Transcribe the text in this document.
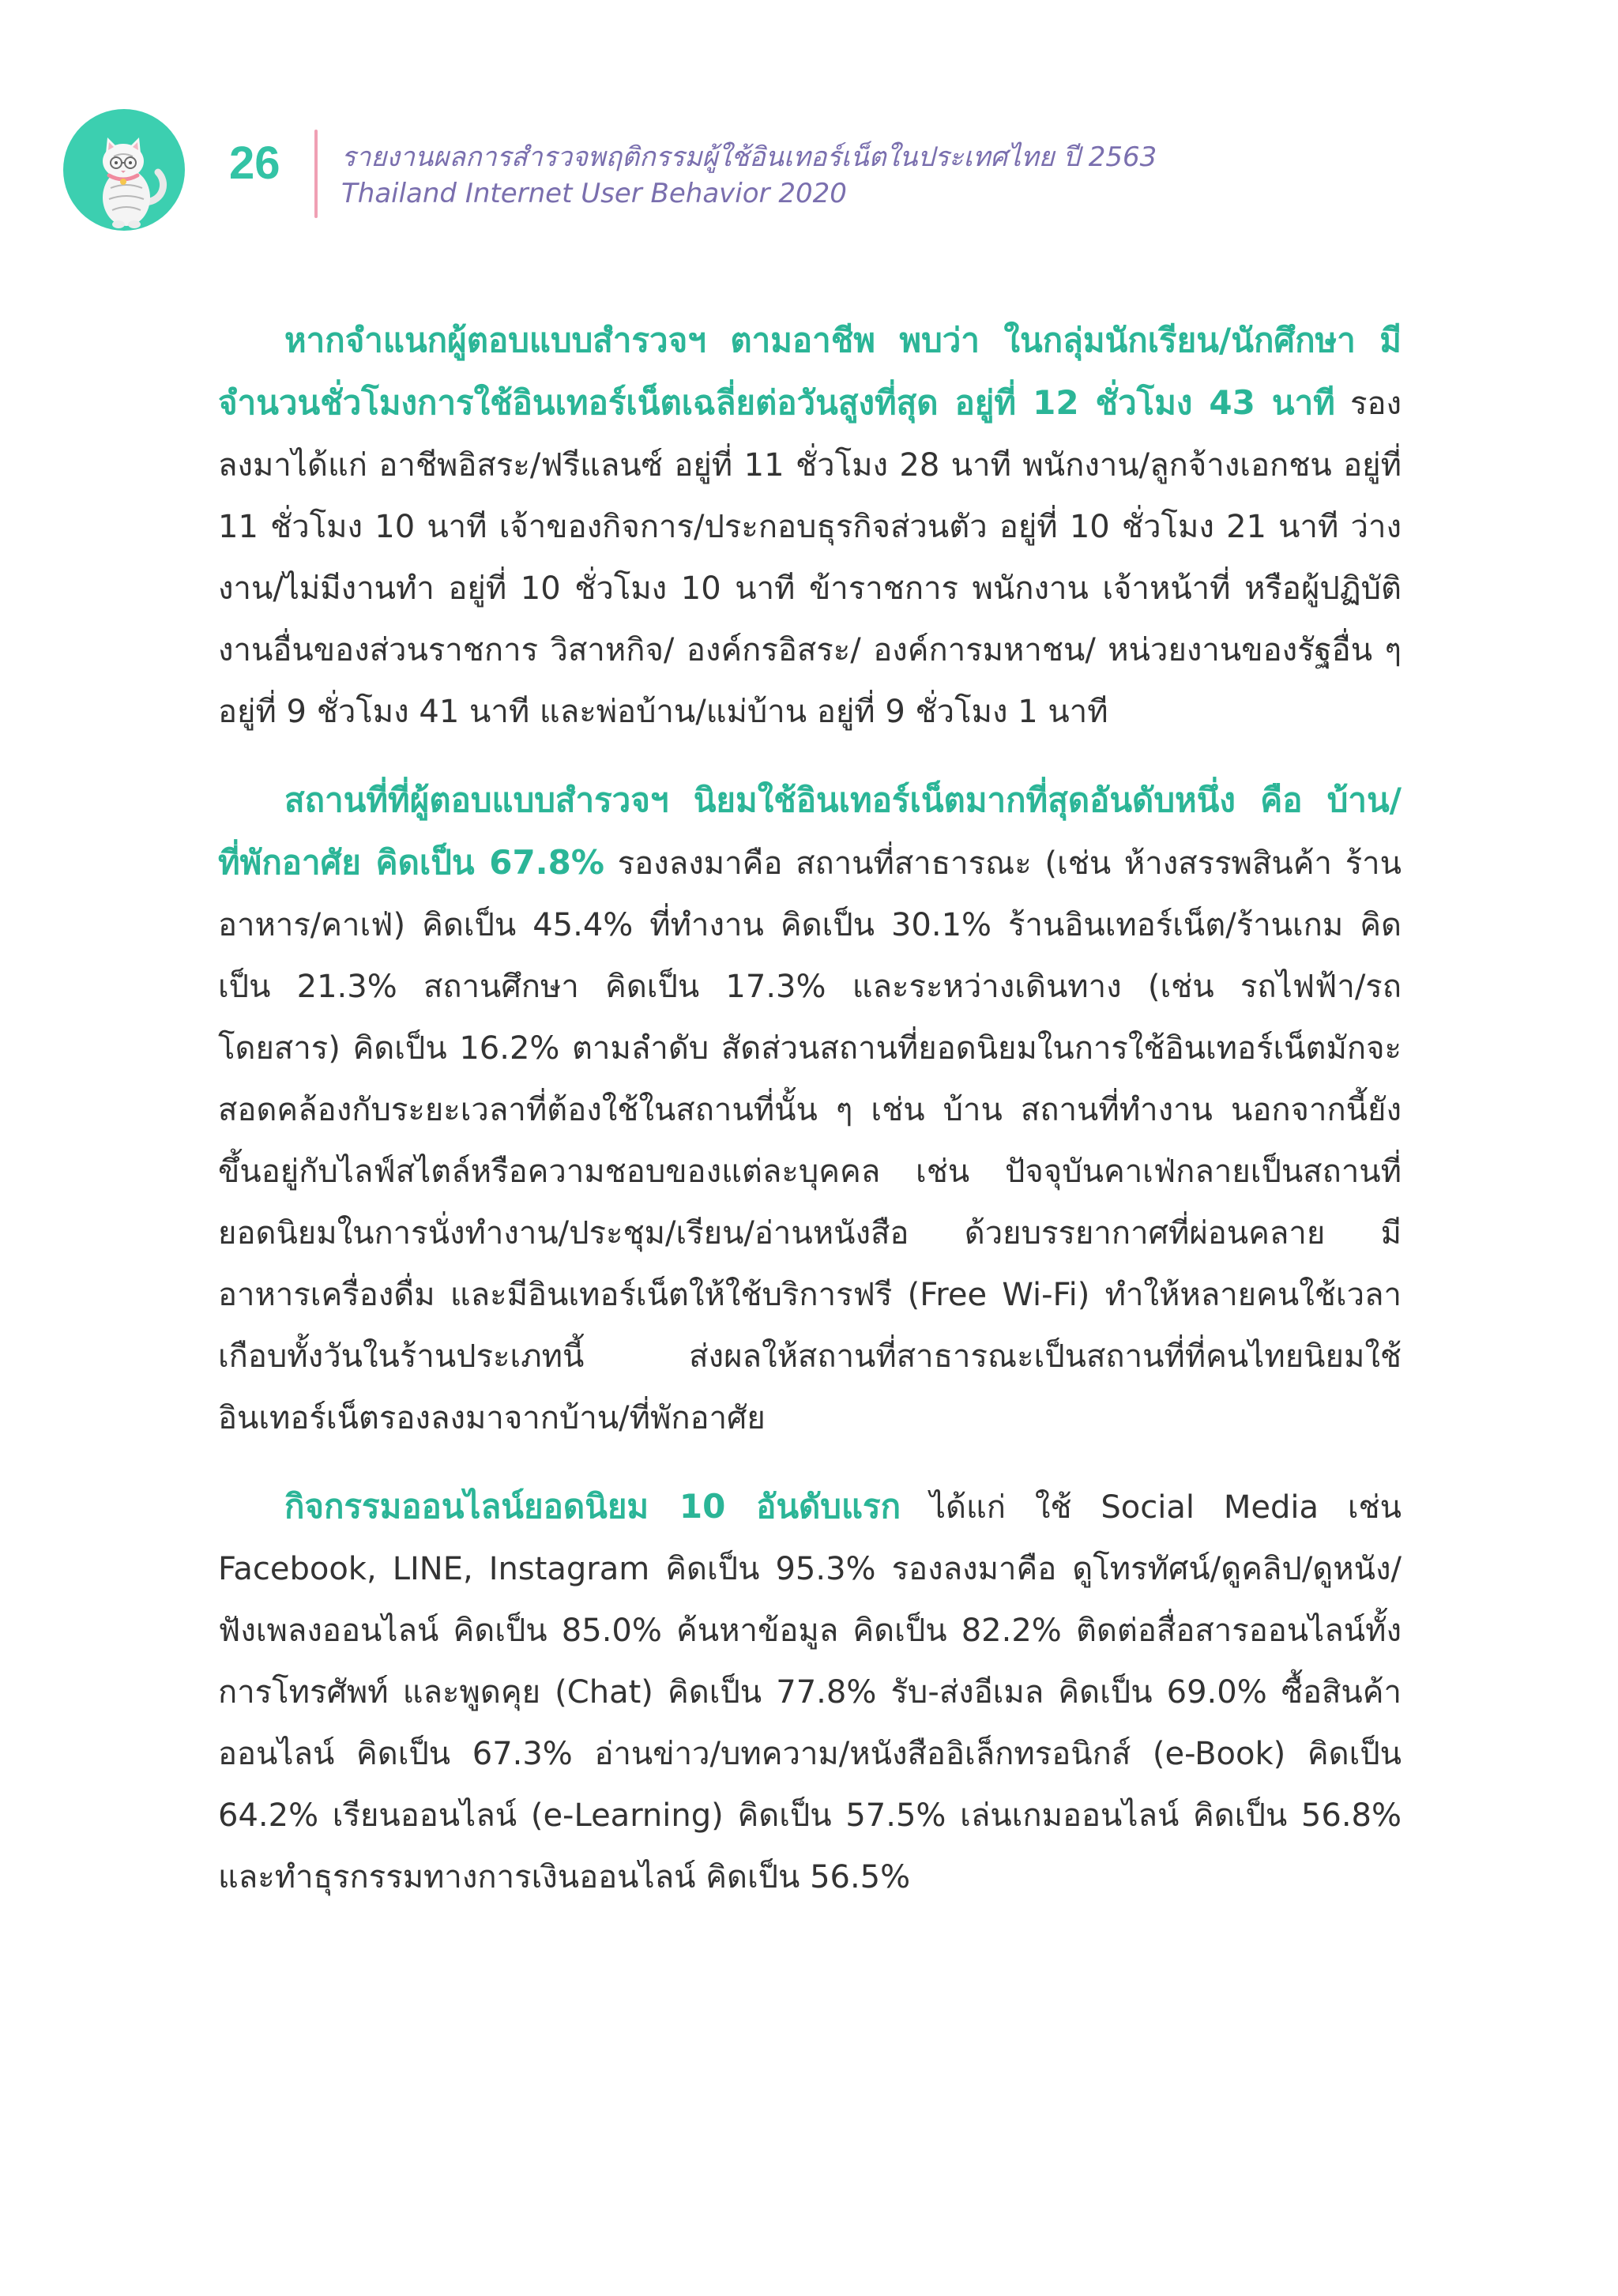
26 รายงานผลการสำรวจพฤติกรรมผู้ใช้อินเทอร์เน็ตในประเทศไทย ปี 2563
Thailand Internet User Behavior 2020

หากจำแนกผู้ตอบแบบสำรวจฯ ตามอาชีพ พบว่า ในกลุ่มนักเรียน/นักศึกษา มีจำนวนชั่วโมงการใช้อินเทอร์เน็ตเฉลี่ยต่อวันสูงที่สุด อยู่ที่ 12 ชั่วโมง 43 นาที รองลงมาได้แก่ อาชีพอิสระ/ฟรีแลนซ์ อยู่ที่ 11 ชั่วโมง 28 นาที พนักงาน/ลูกจ้างเอกชน อยู่ที่ 11 ชั่วโมง 10 นาที เจ้าของกิจการ/ประกอบธุรกิจส่วนตัว อยู่ที่ 10 ชั่วโมง 21 นาที ว่างงาน/ไม่มีงานทำ อยู่ที่ 10 ชั่วโมง 10 นาที ข้าราชการ พนักงาน เจ้าหน้าที่ หรือผู้ปฏิบัติงานอื่นของส่วนราชการ วิสาหกิจ/ องค์กรอิสระ/ องค์การมหาชน/ หน่วยงานของรัฐอื่น ๆ อยู่ที่ 9 ชั่วโมง 41 นาที และพ่อบ้าน/แม่บ้าน อยู่ที่ 9 ชั่วโมง 1 นาที

สถานที่ที่ผู้ตอบแบบสำรวจฯ นิยมใช้อินเทอร์เน็ตมากที่สุดอันดับหนึ่ง คือ บ้าน/ที่พักอาศัย คิดเป็น 67.8% รองลงมาคือ สถานที่สาธารณะ (เช่น ห้างสรรพสินค้า ร้านอาหาร/คาเฟ่) คิดเป็น 45.4% ที่ทำงาน คิดเป็น 30.1% ร้านอินเทอร์เน็ต/ร้านเกม คิดเป็น 21.3% สถานศึกษา คิดเป็น 17.3% และระหว่างเดินทาง (เช่น รถไฟฟ้า/รถโดยสาร) คิดเป็น 16.2% ตามลำดับ สัดส่วนสถานที่ยอดนิยมในการใช้อินเทอร์เน็ตมักจะสอดคล้องกับระยะเวลาที่ต้องใช้ในสถานที่นั้น ๆ เช่น บ้าน สถานที่ทำงาน นอกจากนี้ยังขึ้นอยู่กับไลฟ์สไตล์หรือความชอบของแต่ละบุคคล เช่น ปัจจุบันคาเฟ่กลายเป็นสถานที่ยอดนิยมในการนั่งทำงาน/ประชุม/เรียน/อ่านหนังสือ ด้วยบรรยากาศที่ผ่อนคลาย มีอาหารเครื่องดื่ม และมีอินเทอร์เน็ตให้ใช้บริการฟรี (Free Wi-Fi) ทำให้หลายคนใช้เวลาเกือบทั้งวันในร้านประเภทนี้ ส่งผลให้สถานที่สาธารณะเป็นสถานที่ที่คนไทยนิยมใช้อินเทอร์เน็ตรองลงมาจากบ้าน/ที่พักอาศัย

กิจกรรมออนไลน์ยอดนิยม 10 อันดับแรก ได้แก่ ใช้ Social Media เช่น Facebook, LINE, Instagram คิดเป็น 95.3% รองลงมาคือ ดูโทรทัศน์/ดูคลิป/ดูหนัง/ฟังเพลงออนไลน์ คิดเป็น 85.0% ค้นหาข้อมูล คิดเป็น 82.2% ติดต่อสื่อสารออนไลน์ทั้งการโทรศัพท์ และพูดคุย (Chat) คิดเป็น 77.8% รับ-ส่งอีเมล คิดเป็น 69.0% ซื้อสินค้าออนไลน์ คิดเป็น 67.3% อ่านข่าว/บทความ/หนังสืออิเล็กทรอนิกส์ (e-Book) คิดเป็น 64.2% เรียนออนไลน์ (e-Learning) คิดเป็น 57.5% เล่นเกมออนไลน์ คิดเป็น 56.8% และทำธุรกรรมทางการเงินออนไลน์ คิดเป็น 56.5%
